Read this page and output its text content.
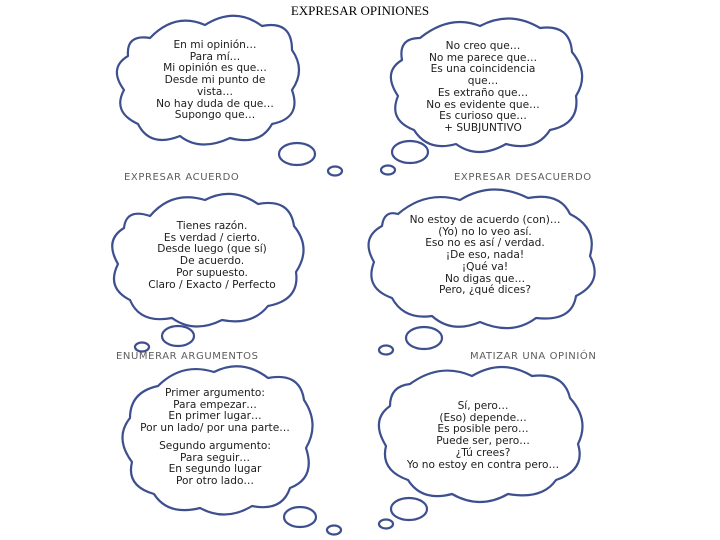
EXPRESAR OPINIONES
En mi opinión…
Para mí…
Mi opinión es que…
Desde mi punto de
vista…
No hay duda de que…
Supongo que…
No creo que…
No me parece que…
Es una coincidencia
que…
Es extraño que…
No es evidente que…
Es curioso que…
+ SUBJUNTIVO
Tienes razón.
Es verdad / cierto.
Desde luego (que sí)
De acuerdo.
Por supuesto.
Claro / Exacto / Perfecto
No estoy de acuerdo (con)…
(Yo) no lo veo así.
Eso no es así / verdad.
¡De eso, nada!
¡Qué va!
No digas que…
Pero, ¿qué dices?
Primer argumento:
Para empezar…
En primer lugar…
Por un lado/ por una parte…
Segundo argumento:
Para seguir…
En segundo lugar
Por otro lado…
Sí, pero…
(Eso) depende…
Es posible pero…
Puede ser, pero…
¿Tú crees?
Yo no estoy en contra pero…
EXPRESAR ACUERDO	EXPRESAR DESACUERDO
ENUMERAR ARGUMENTOS	MATIZAR UNA OPINIÓN
